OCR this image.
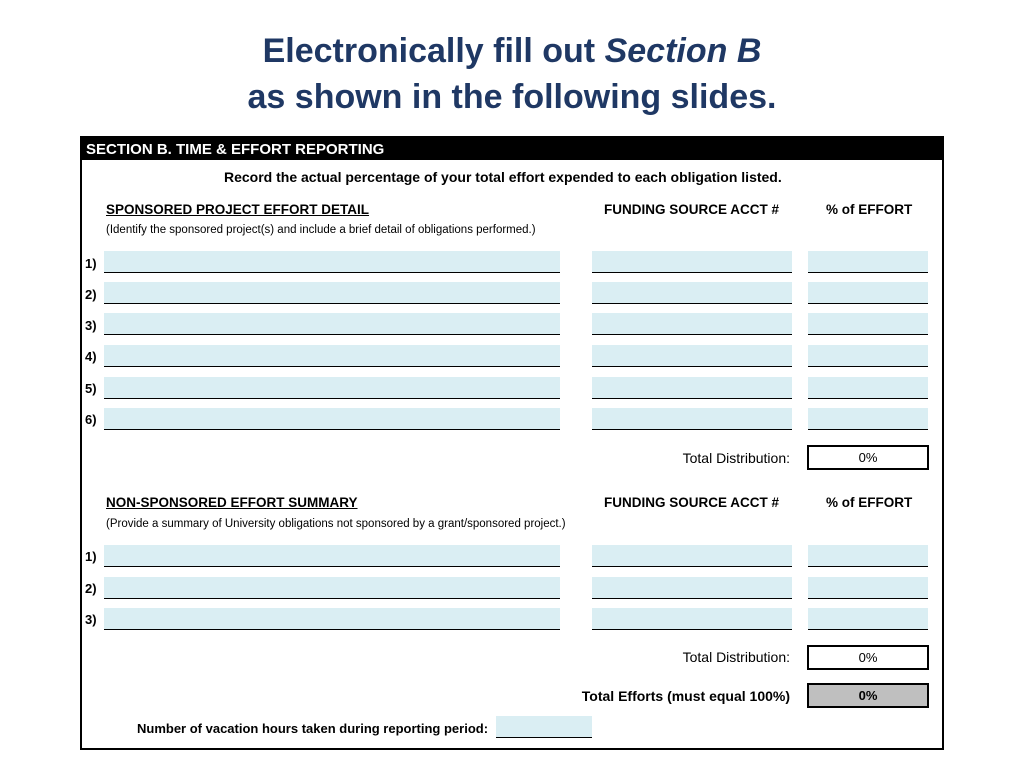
Electronically fill out Section B
as shown in the following slides.
SECTION B. TIME & EFFORT REPORTING
Record the actual percentage of your total effort expended to each obligation listed.
SPONSORED PROJECT EFFORT DETAIL
(Identify the sponsored project(s) and include a brief detail of obligations performed.)
FUNDING SOURCE ACCT #	% of EFFORT
1)
2)
3)
4)
5)
6)
Total Distribution:	0%
NON-SPONSORED EFFORT SUMMARY
(Provide a summary of University obligations not sponsored by a grant/sponsored project.)
FUNDING SOURCE ACCT #	% of EFFORT
1)
2)
3)
Total Distribution:	0%
Total Efforts (must equal 100%)	0%
Number of vacation hours taken during reporting period:
